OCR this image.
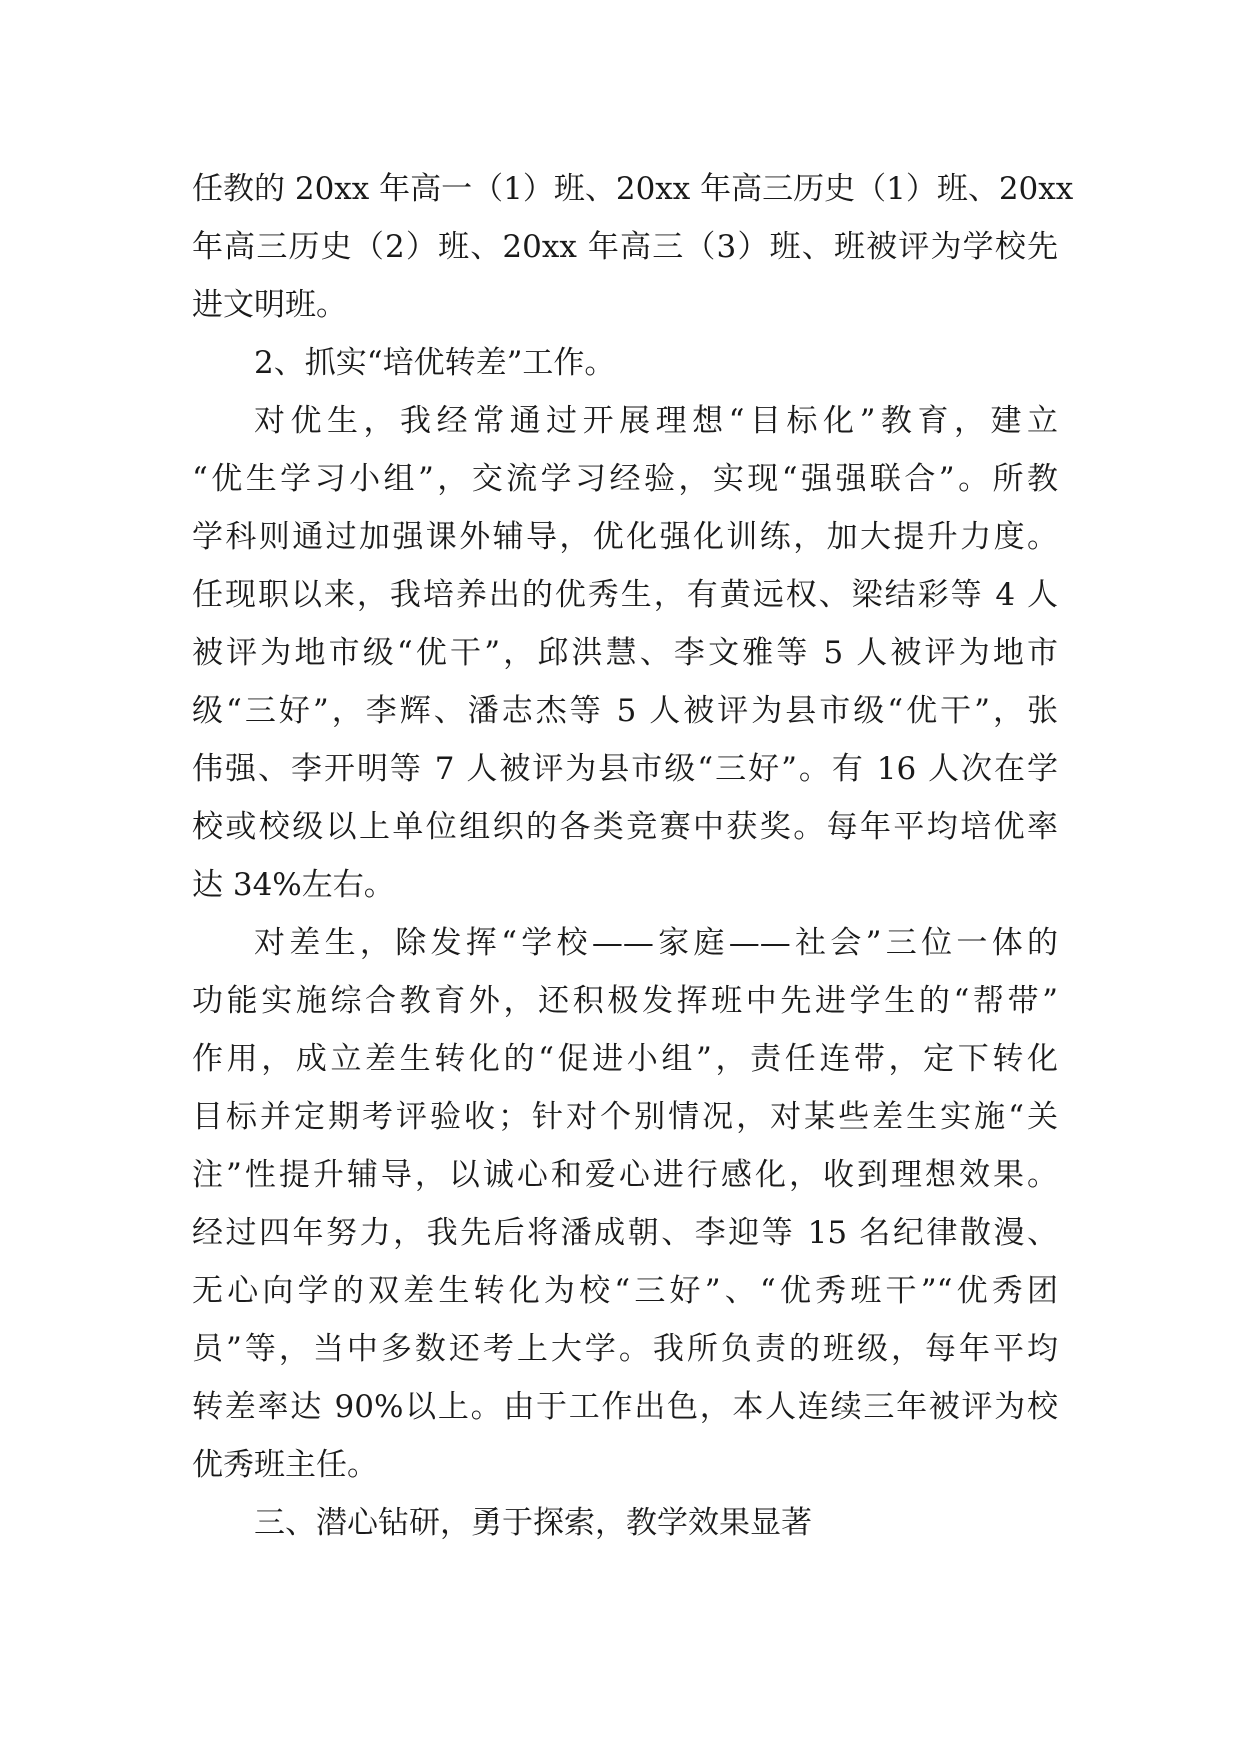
任教的 20xx 年高一（1）班、20xx 年高三历史（1）班、20xx
年高三历史（2）班、20xx 年高三（3）班、班被评为学校先
进文明班。
2、抓实“培优转差”工作。
对优生，我经常通过开展理想“目标化”教育，建立
“优生学习小组”，交流学习经验，实现“强强联合”。所教
学科则通过加强课外辅导，优化强化训练，加大提升力度。
任现职以来，我培养出的优秀生，有黄远权、梁结彩等 4 人
被评为地市级“优干”，邱洪慧、李文雅等 5 人被评为地市
级“三好”，李辉、潘志杰等 5 人被评为县市级“优干”，张
伟强、李开明等 7 人被评为县市级“三好”。有 16 人次在学
校或校级以上单位组织的各类竞赛中获奖。每年平均培优率
达 34%左右。
对差生，除发挥“学校——家庭——社会”三位一体的
功能实施综合教育外，还积极发挥班中先进学生的“帮带”
作用，成立差生转化的“促进小组”，责任连带，定下转化
目标并定期考评验收；针对个别情况，对某些差生实施“关
注”性提升辅导，以诚心和爱心进行感化，收到理想效果。
经过四年努力，我先后将潘成朝、李迎等 15 名纪律散漫、
无心向学的双差生转化为校“三好”、“优秀班干”“优秀团
员”等，当中多数还考上大学。我所负责的班级，每年平均
转差率达 90%以上。由于工作出色，本人连续三年被评为校
优秀班主任。
三、潜心钻研，勇于探索，教学效果显著
